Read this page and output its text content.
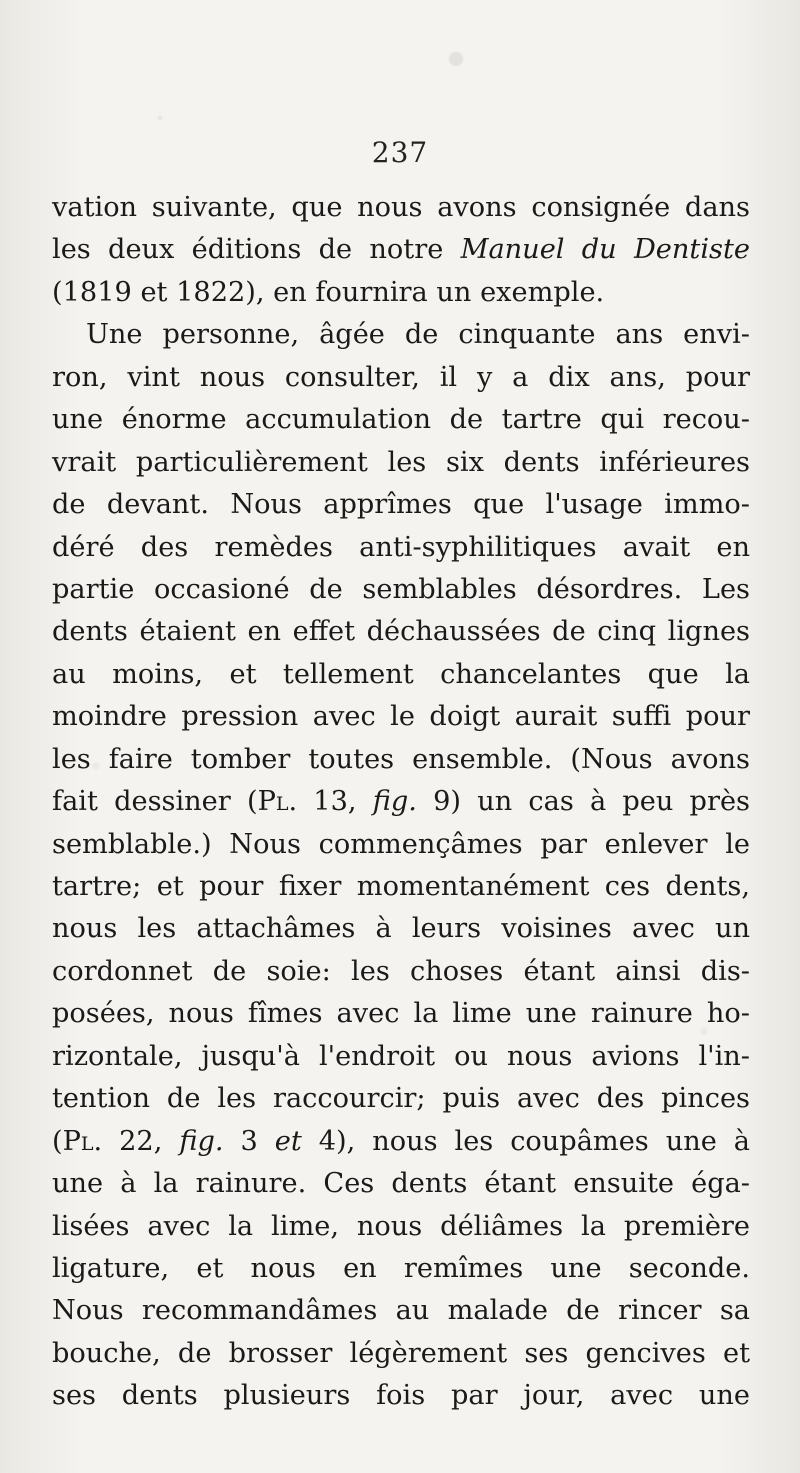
237
vation suivante, que nous avons consignée dans
les deux éditions de notre Manuel du Dentiste
(1819 et 1822), en fournira un exemple.
Une personne, âgée de cinquante ans envi-
ron, vint nous consulter, il y a dix ans, pour
une énorme accumulation de tartre qui recou-
vrait particulièrement les six dents inférieures
de devant. Nous apprîmes que l'usage immo-
déré des remèdes anti-syphilitiques avait en
partie occasioné de semblables désordres. Les
dents étaient en effet déchaussées de cinq lignes
au moins, et tellement chancelantes que la
moindre pression avec le doigt aurait suffi pour
les faire tomber toutes ensemble. (Nous avons
fait dessiner (Pl. 13, fig. 9) un cas à peu près
semblable.) Nous commençâmes par enlever le
tartre; et pour fixer momentanément ces dents,
nous les attachâmes à leurs voisines avec un
cordonnet de soie: les choses étant ainsi dis-
posées, nous fîmes avec la lime une rainure ho-
rizontale, jusqu'à l'endroit ou nous avions l'in-
tention de les raccourcir; puis avec des pinces
(Pl. 22, fig. 3 et 4), nous les coupâmes une à
une à la rainure. Ces dents étant ensuite éga-
lisées avec la lime, nous déliâmes la première
ligature, et nous en remîmes une seconde.
Nous recommandâmes au malade de rincer sa
bouche, de brosser légèrement ses gencives et
ses dents plusieurs fois par jour, avec une
